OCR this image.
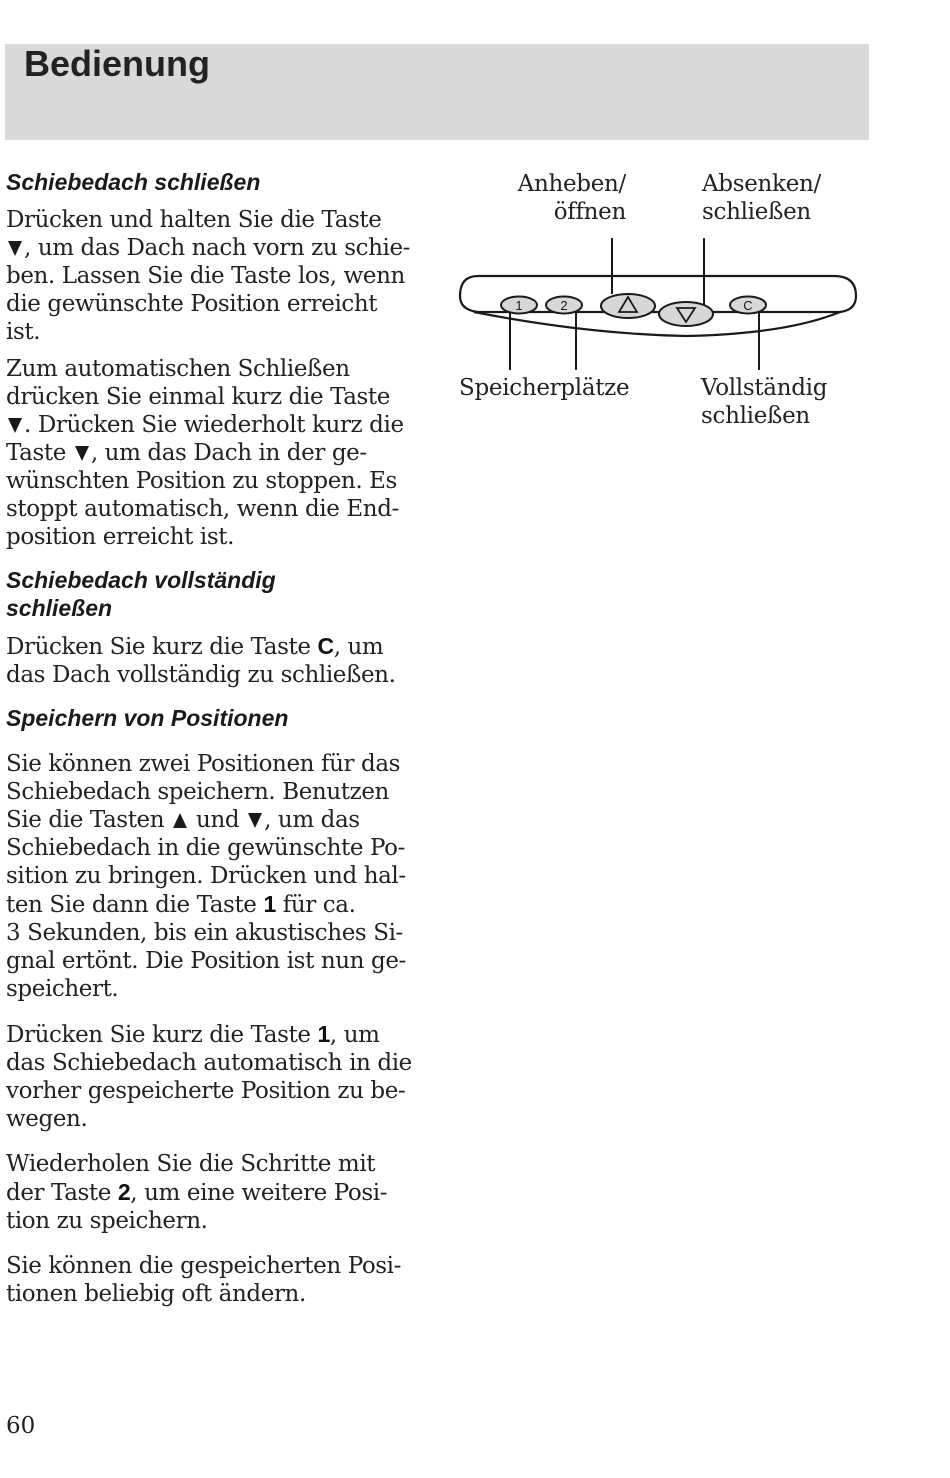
Bedienung
Schiebedach schließen
Drücken und halten Sie die Taste
, um das Dach nach vorn zu schie-
ben. Lassen Sie die Taste los, wenn
die gewünschte Position erreicht
ist.
Zum automatischen Schließen
drücken Sie einmal kurz die Taste
. Drücken Sie wiederholt kurz die
Taste , um das Dach in der ge-
wünschten Position zu stoppen. Es
stoppt automatisch, wenn die End-
position erreicht ist.
Schiebedach vollständig
schließen
Drücken Sie kurz die Taste C, um
das Dach vollständig zu schließen.
Speichern von Positionen
Sie können zwei Positionen für das
Schiebedach speichern. Benutzen
Sie die Tasten und , um das
Schiebedach in die gewünschte Po-
sition zu bringen. Drücken und hal-
ten Sie dann die Taste 1 für ca.
3 Sekunden, bis ein akustisches Si-
gnal ertönt. Die Position ist nun ge-
speichert.
Drücken Sie kurz die Taste 1, um
das Schiebedach automatisch in die
vorher gespeicherte Position zu be-
wegen.
Wiederholen Sie die Schritte mit
der Taste 2, um eine weitere Posi-
tion zu speichern.
Sie können die gespeicherten Posi-
tionen beliebig oft ändern.
Anheben/
öffnen
Absenken/
schließen
Speicherplätze	Vollständig
schließen
1	2	C
60
